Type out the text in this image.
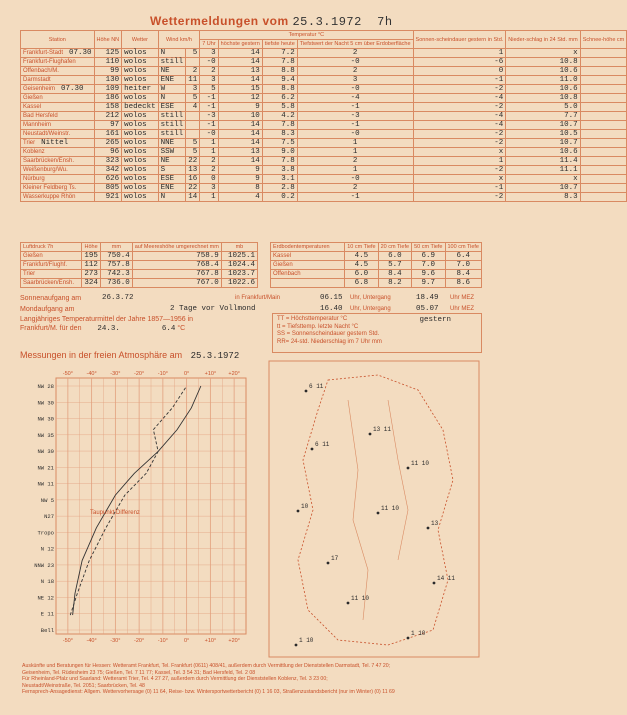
Wettermeldungen vom 25.3.1972 7h
Station	Höhe NN	Wetter	Wind km/h		Temperatur °C				Sonnen-scheindauer gestern in Std.	Nieder-schlag in 24 Std. mm	Schnee-höhe cm
					7 Uhr	höchste gestern	tiefste heute	Tiefstwert der Nacht 5 cm über Erdoberfläche			
Frankfurt-Stadt 07.30	125	wolos	N	5	3	14	7.2	2	1	x	
Frankfurt-Flughafen	110	wolos	still		-0	14	7.8	-0	-6	10.8	
Offenbach/M.	99	wolos	NE	2	2	13	8.8	2	0	10.6	
Darmstadt	130	wolos	ENE	11	3	14	9.4	3	-1	11.0	
Geisenheim 07.30	109	heiter	W	3	5	15	8.8	-0	-2	10.6	
Gießen	186	wolos	N	5	-1	12	6.2	-4	-4	10.8	
Kassel	158	bedeckt	ESE	4	-1	9	5.8	-1	-2	5.0	
Bad Hersfeld	212	wolos	still		-3	10	4.2	-3	-4	7.7	
Mannheim	97	wolos	still		-1	14	7.8	-1	-4	10.7	
Neustadt/Weinstr.	161	wolos	still		-0	14	8.3	-0	-2	10.5	
Trier Nittel	265	wolos	NNE	5	1	14	7.5	1	-2	10.7	
Koblenz	96	wolos	SSW	5	1	13	9.0	1	x	10.6	
Saarbrücken/Ensh.	323	wolos	NE	22	2	14	7.8	2	1	11.4	
Weißenburg/Wu.	342	wolos	S	13	2	9	3.8	1	-2	11.1	
Nürburg	626	wolos	ESE	16	0	9	3.1	-0	x	x	
Kleiner Feldberg Ts.	805	wolos	ENE	22	3	8	2.8	2	-1	10.7	
Wasserkuppe Rhön	921	wolos	N	14	1	4	0.2	-1	-2	8.3	
Luftdruck 7h	Höhe	mm	auf Meereshöhe umgerechnet mm	mb
Gießen	195	750.4	758.9	1025.1
Frankfurt/Flughf.	112	757.8	768.4	1024.4
Trier	273	742.3	767.8	1023.7
Saarbrücken/Ensh.	324	736.0	767.0	1022.6
Erdbodentemperaturen	10 cm Tiefe	20 cm Tiefe	50 cm Tiefe	100 cm Tiefe
Kassel	4.5	6.0	6.9	6.4
Gießen	4.5	5.7	7.0	7.0
Offenbach	6.0	8.4	9.6	8.4
	6.8	8.2	9.7	8.6
Sonnenaufgang am	26.3.72	in Frankfurt/Main	06.15 Uhr, Untergang	18.49 Uhr MEZ
Mondaufgang am	2 Tage vor Vollmond	16.40 Uhr, Untergang	05.07 Uhr MEZ
Langjähriges Temperaturmittel der Jahre 1857—1956 in
Frankfurt/M. für den 24.3.	6.4 °C
gestern
TT = Höchsttemperatur °C
tt = Tiefsttemp. letzte Nacht °C
SS = Sonnenscheindauer gestern Std.
RR= 24-std. Niederschlag im 7 Uhr mm
Messungen in der freien Atmosphäre am 25.3.1972
NW 28
NW 30
NW 30
NW 35
NW 30
NW 21
NW 11
NW 5
N27
Tropo
N 12
NNW 23
N 18
NE 12
E 11
Bell
-50°
-50°
-40°
-40°
-30°
-30°
-20°
-20°
-10°
-10°
0°
0°
+10°
+10°
+20°
+20°
Taupunkt Differenz
6 11
6 11
13 11
11 10
11 10
10
13
17
14 11
11 10
1 10
1 10
Auskünfte und Beratungen für Hessen: Wetteramt Frankfurt, Tel. Frankfurt (0611) 408/41, außerdem durch Vermittlung der Dienststellen Darmstadt, Tel. 7 47 20;
Geisenheim, Tel. Rüdesheim 23 75; Gießen, Tel. 7 11 77; Kassel, Tel. 3 54 31; Bad Hersfeld, Tel. 2 08
Für Rheinland-Pfalz und Saarland: Wetteramt Trier, Tel. 4 27 27, außerdem durch Vermittlung der Dienststellen Koblenz, Tel. 3 23 00;
Neustadt/Weinstraße, Tel. 2051; Saarbrücken, Tel. 48
Fernsprech-Ansagedienst: Allgem. Wettervorhersage (0) 11 64, Reise- bzw. Wintersportwetterbericht (0) 1 16 03, Straßenzustandsbericht (nur im Winter) (0) 11 69
